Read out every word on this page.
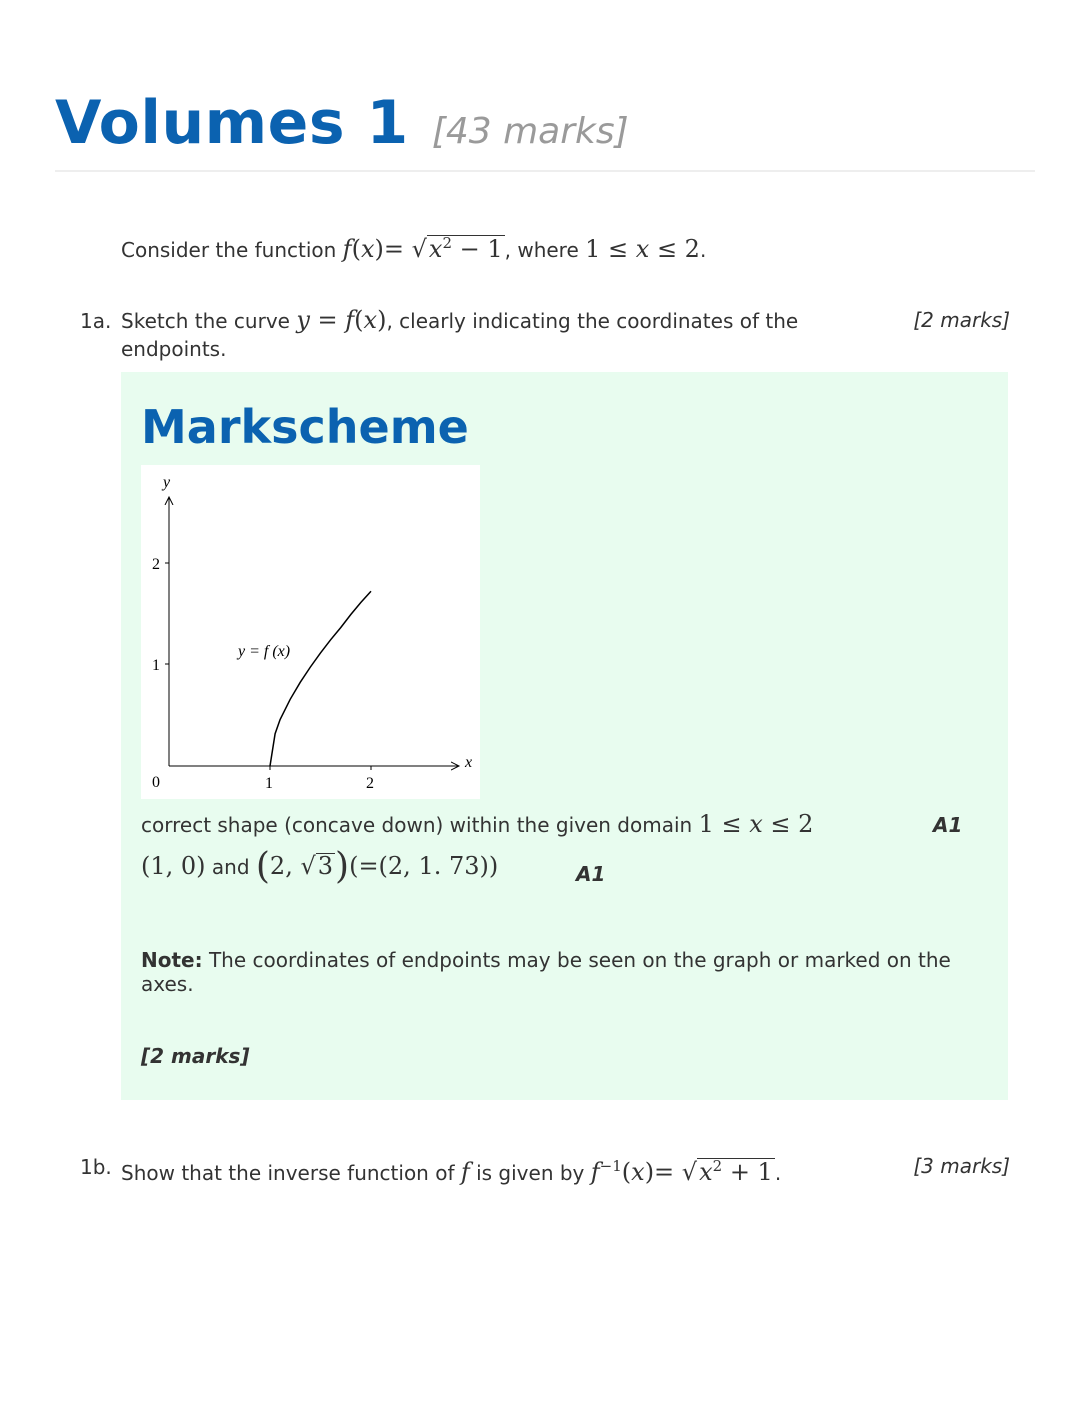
Volumes 1 [43 marks]
Consider the function $f(x)= √x^2 - 1$ , where 1 ≤ x ≤ 2.
1a. Sketch the curve y = f(x), clearly indicating the coordinates of the endpoints.
[2 marks]
Markscheme
y
x
0	1	2
1
2
y = f (x)
correct shape (concave down) within the given domain 1 ≤ x ≤ 2	A1
(1, 0) and (2, √3)(=(2, 1. 73))	A1
Note: The coordinates of endpoints may be seen on the graph or marked on the axes.
[2 marks]
1b. Show that the inverse function of f is given by $f^{-1}(x)= √x^2 + 1$ .	[3 marks]
